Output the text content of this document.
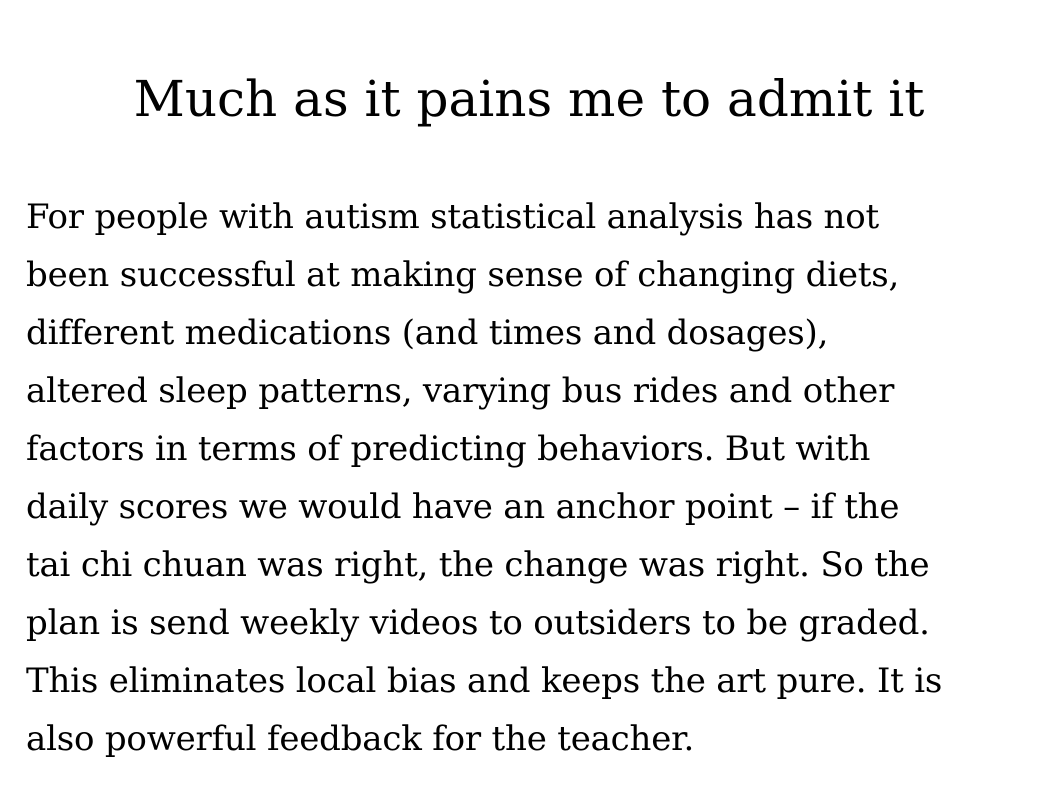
Much as it pains me to admit it
For people with autism statistical analysis has not
been successful at making sense of changing diets,
different medications (and times and dosages),
altered sleep patterns, varying bus rides and other
factors in terms of predicting behaviors. But with
daily scores we would have an anchor point – if the
tai chi chuan was right, the change was right. So the
plan is send weekly videos to outsiders to be graded.
This eliminates local bias and keeps the art pure. It is
also powerful feedback for the teacher.
